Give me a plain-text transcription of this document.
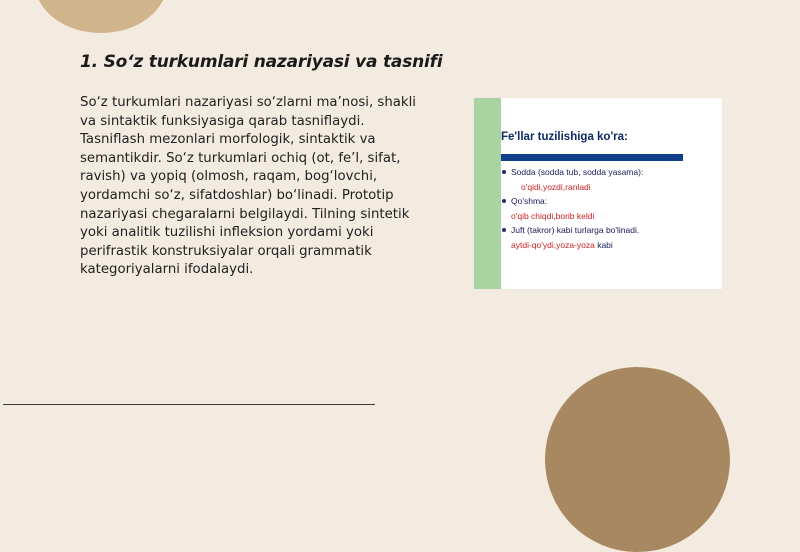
1. So‘z turkumlari nazariyasi va tasnifi

So‘z turkumlari nazariyasi so‘zlarni ma’nosi, shakli va sintaktik funksiyasiga qarab tasniflaydi. Tasniflash mezonlari morfologik, sintaktik va semantikdir. So‘z turkumlari ochiq (ot, fe’l, sifat, ravish) va yopiq (olmosh, raqam, bog‘lovchi, yordamchi so‘z, sifatdoshlar) bo‘linadi. Prototip nazariyasi chegaralarni belgilaydi. Tilning sintetik yoki analitik tuzilishi infleksion yordami yoki perifrastik konstruksiyalar orqali grammatik kategoriyalarni ifodalaydi.

Fe'llar tuzilishiga ko'ra:
Sodda (sodda tub, sodda yasama):
o'qidi,yozdi,ranladi
Qo'shma:
o'qib chiqdi,borib keldi
Juft (takror) kabi turlarga bo'linadi.
aytdi-qo'ydi,yoza-yoza kabi
